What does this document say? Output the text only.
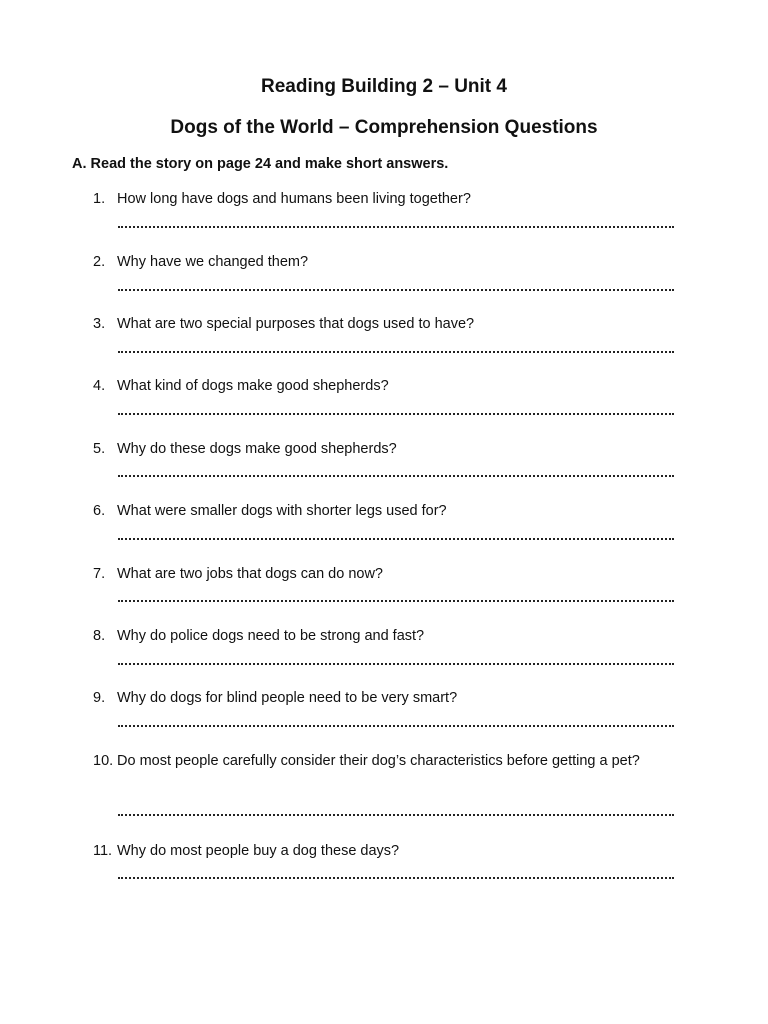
Reading Building 2 – Unit 4
Dogs of the World – Comprehension Questions
A. Read the story on page 24 and make short answers.
1. How long have dogs and humans been living together?
2. Why have we changed them?
3. What are two special purposes that dogs used to have?
4. What kind of dogs make good shepherds?
5. Why do these dogs make good shepherds?
6. What were smaller dogs with shorter legs used for?
7. What are two jobs that dogs can do now?
8. Why do police dogs need to be strong and fast?
9. Why do dogs for blind people need to be very smart?
10. Do most people carefully consider their dog’s characteristics before getting a pet?
11. Why do most people buy a dog these days?
